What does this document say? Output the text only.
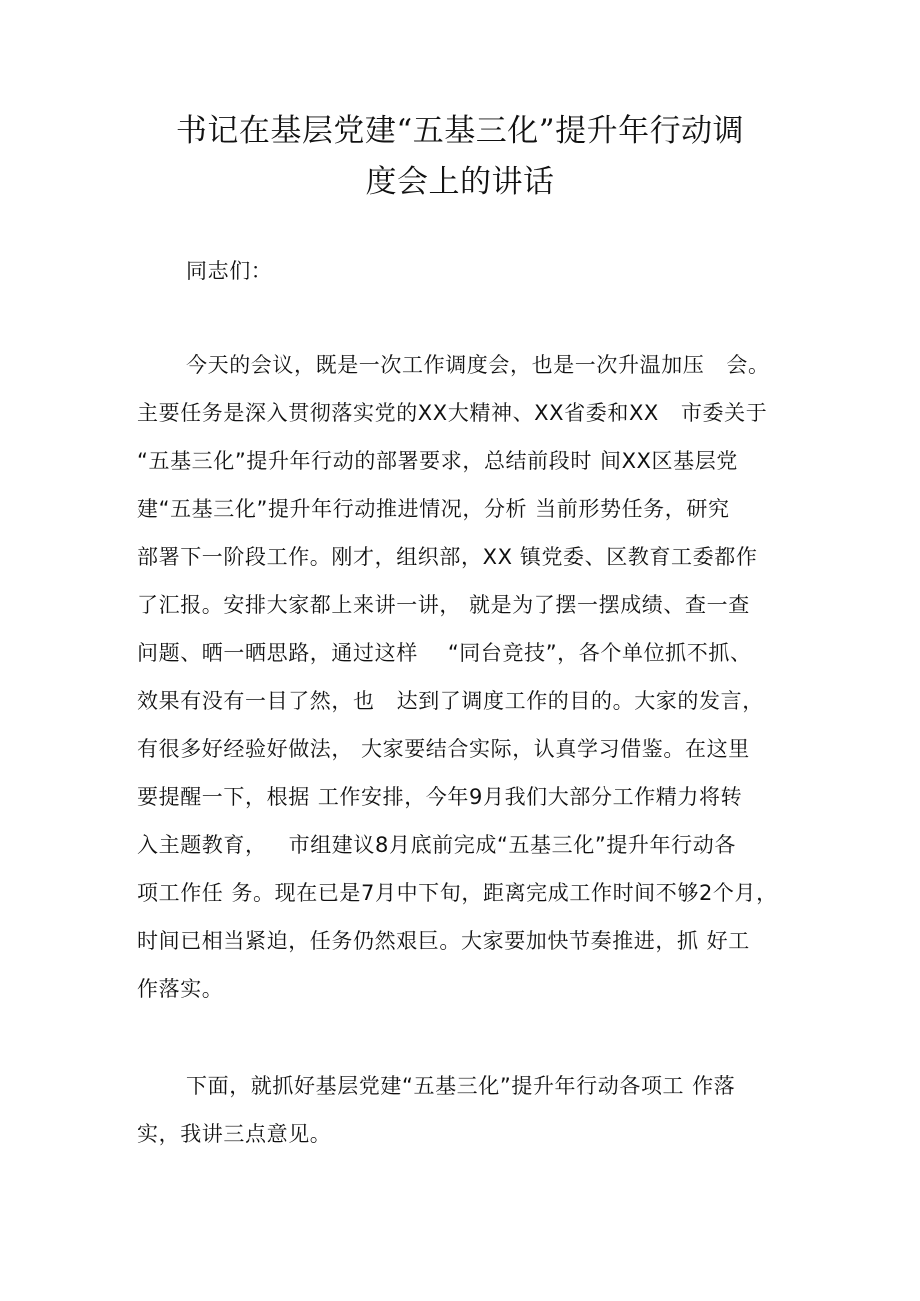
书记在基层党建“五基三化”提升年行动调
度会上的讲话
同志们：
今天的会议，既是一次工作调度会，也是一次升温加压 会。
主要任务是深入贯彻落实党的XX大精神、XX省委和XX 市委关于
“五基三化”提升年行动的部署要求，总结前段时 间XX区基层党
建“五基三化”提升年行动推进情况，分析 当前形势任务，研究
部署下一阶段工作。刚才，组织部，XX 镇党委、区教育工委都作
了汇报。安排大家都上来讲一讲， 就是为了摆一摆成绩、查一查
问题、晒一晒思路，通过这样 “同台竞技”，各个单位抓不抓、
效果有没有一目了然，也 达到了调度工作的目的。大家的发言，
有很多好经验好做法， 大家要结合实际，认真学习借鉴。在这里
要提醒一下，根据 工作安排，今年9月我们大部分工作精力将转
入主题教育， 市组建议8月底前完成“五基三化”提升年行动各
项工作任 务。现在已是7月中下旬，距离完成工作时间不够2个月，
时间已相当紧迫，任务仍然艰巨。大家要加快节奏推进，抓 好工
作落实。
下面，就抓好基层党建“五基三化”提升年行动各项工 作落
实，我讲三点意见。
